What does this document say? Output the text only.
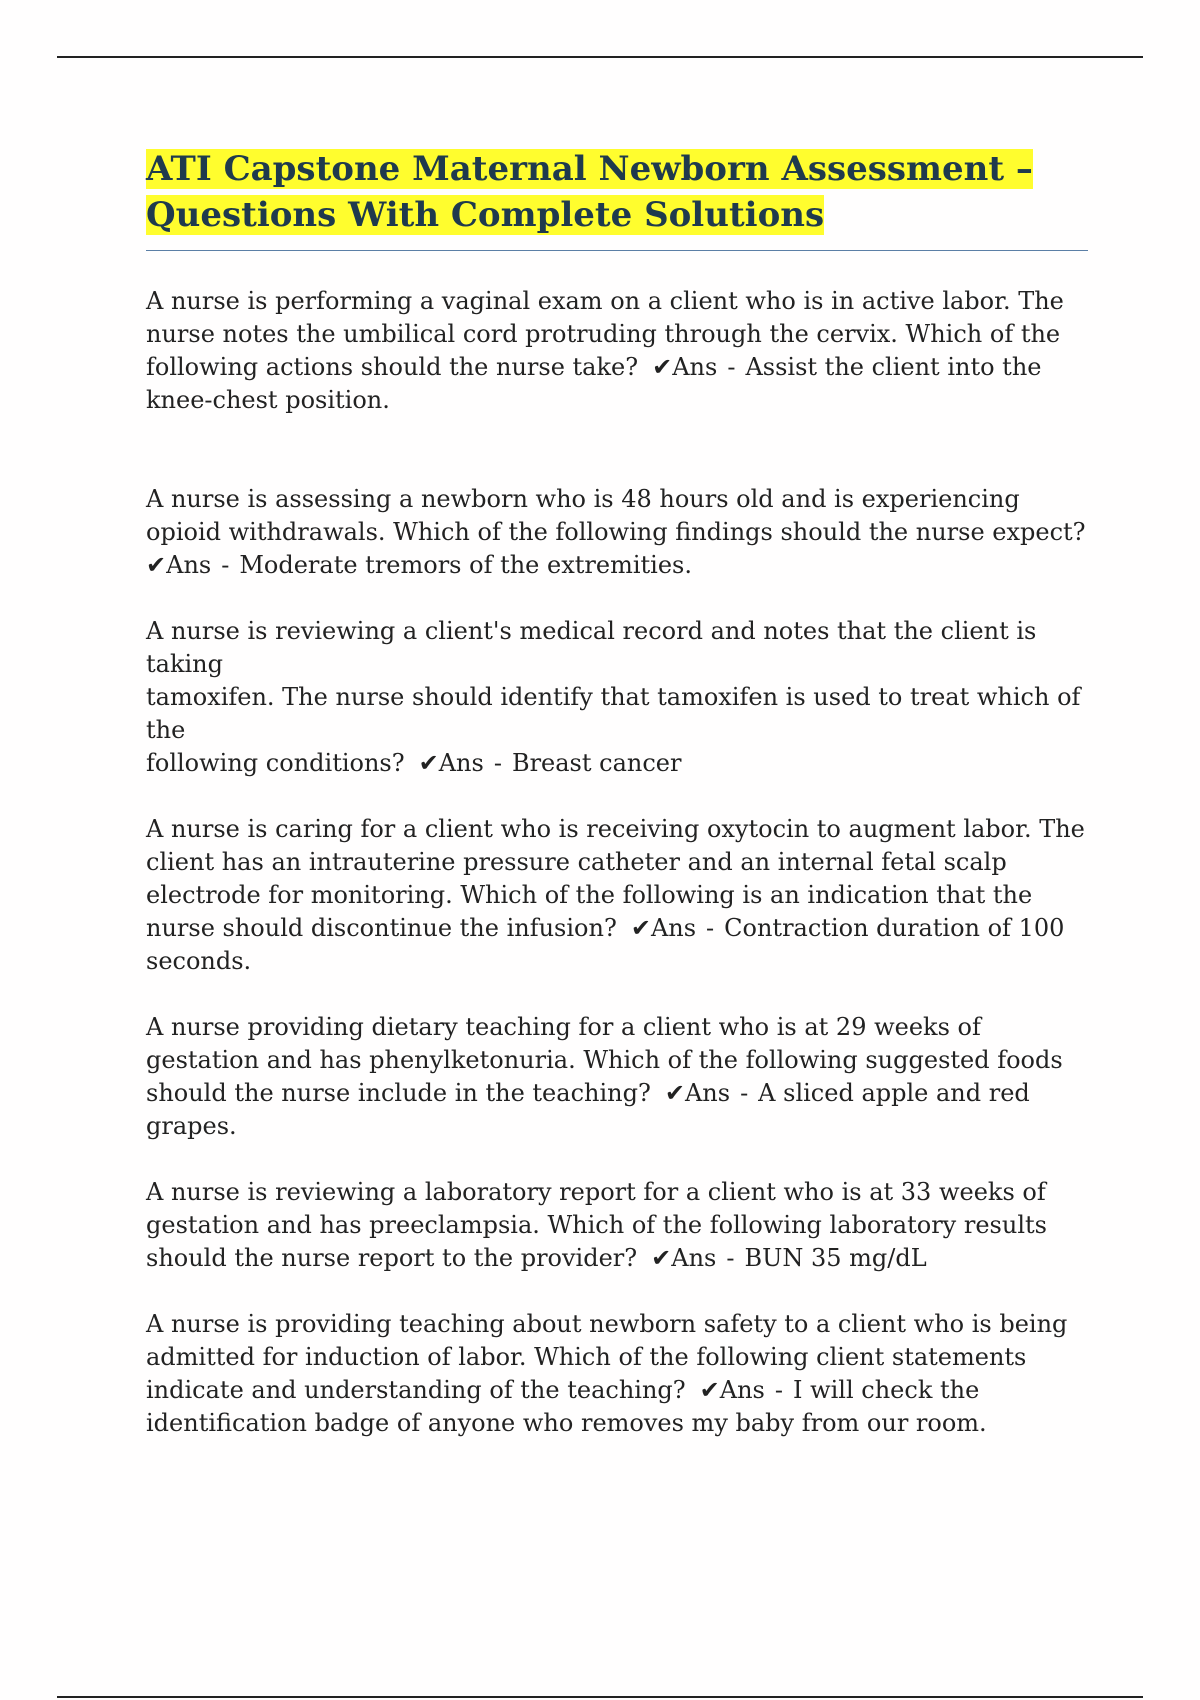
ATI Capstone Maternal Newborn Assessment –
Questions With Complete Solutions

A nurse is performing a vaginal exam on a client who is in active labor. The nurse notes the umbilical cord protruding through the cervix. Which of the following actions should the nurse take? ✔Ans - Assist the client into the knee-chest position.

A nurse is assessing a newborn who is 48 hours old and is experiencing opioid withdrawals. Which of the following findings should the nurse expect?
✔Ans - Moderate tremors of the extremities.

A nurse is reviewing a client's medical record and notes that the client is taking
tamoxifen. The nurse should identify that tamoxifen is used to treat which of the
following conditions? ✔Ans - Breast cancer

A nurse is caring for a client who is receiving oxytocin to augment labor. The client has an intrauterine pressure catheter and an internal fetal scalp electrode for monitoring. Which of the following is an indication that the nurse should discontinue the infusion? ✔Ans - Contraction duration of 100 seconds.

A nurse providing dietary teaching for a client who is at 29 weeks of gestation and has phenylketonuria. Which of the following suggested foods should the nurse include in the teaching? ✔Ans - A sliced apple and red grapes.

A nurse is reviewing a laboratory report for a client who is at 33 weeks of gestation and has preeclampsia. Which of the following laboratory results should the nurse report to the provider? ✔Ans - BUN 35 mg/dL

A nurse is providing teaching about newborn safety to a client who is being admitted for induction of labor. Which of the following client statements indicate and understanding of the teaching? ✔Ans - I will check the identification badge of anyone who removes my baby from our room.
